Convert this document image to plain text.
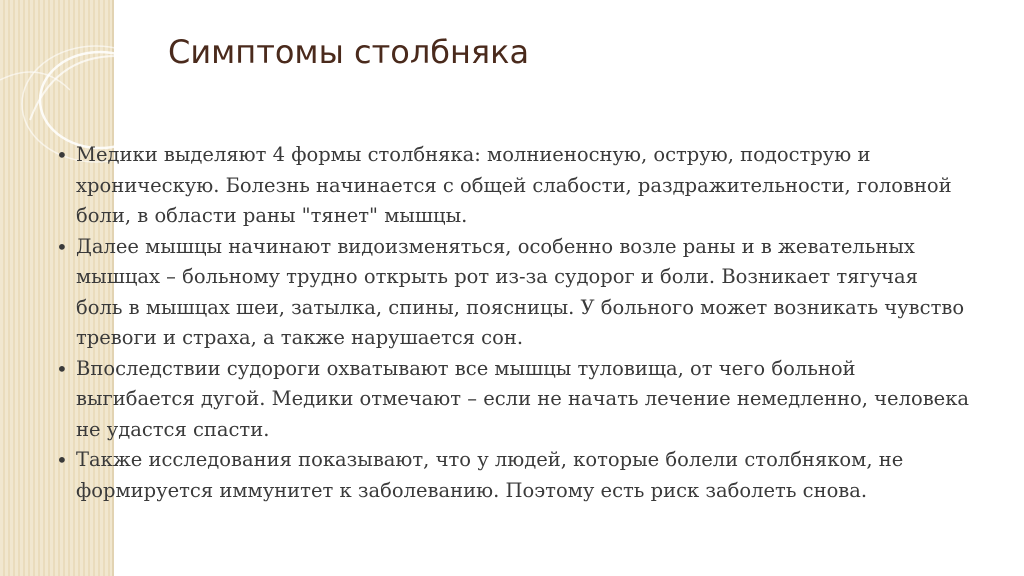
Симптомы столбняка
• Медики выделяют 4 формы столбняка: молниеносную, острую, подострую и хроническую. Болезнь начинается с общей слабости, раздражительности, головной боли, в области раны "тянет" мышцы.
• Далее мышцы начинают видоизменяться, особенно возле раны и в жевательных мышцах – больному трудно открыть рот из-за судорог и боли. Возникает тягучая боль в мышцах шеи, затылка, спины, поясницы. У больного может возникать чувство тревоги и страха, а также нарушается сон.
• Впоследствии судороги охватывают все мышцы туловища, от чего больной выгибается дугой. Медики отмечают – если не начать лечение немедленно, человека не удастся спасти.
• Также исследования показывают, что у людей, которые болели столбняком, не формируется иммунитет к заболеванию. Поэтому есть риск заболеть снова.
